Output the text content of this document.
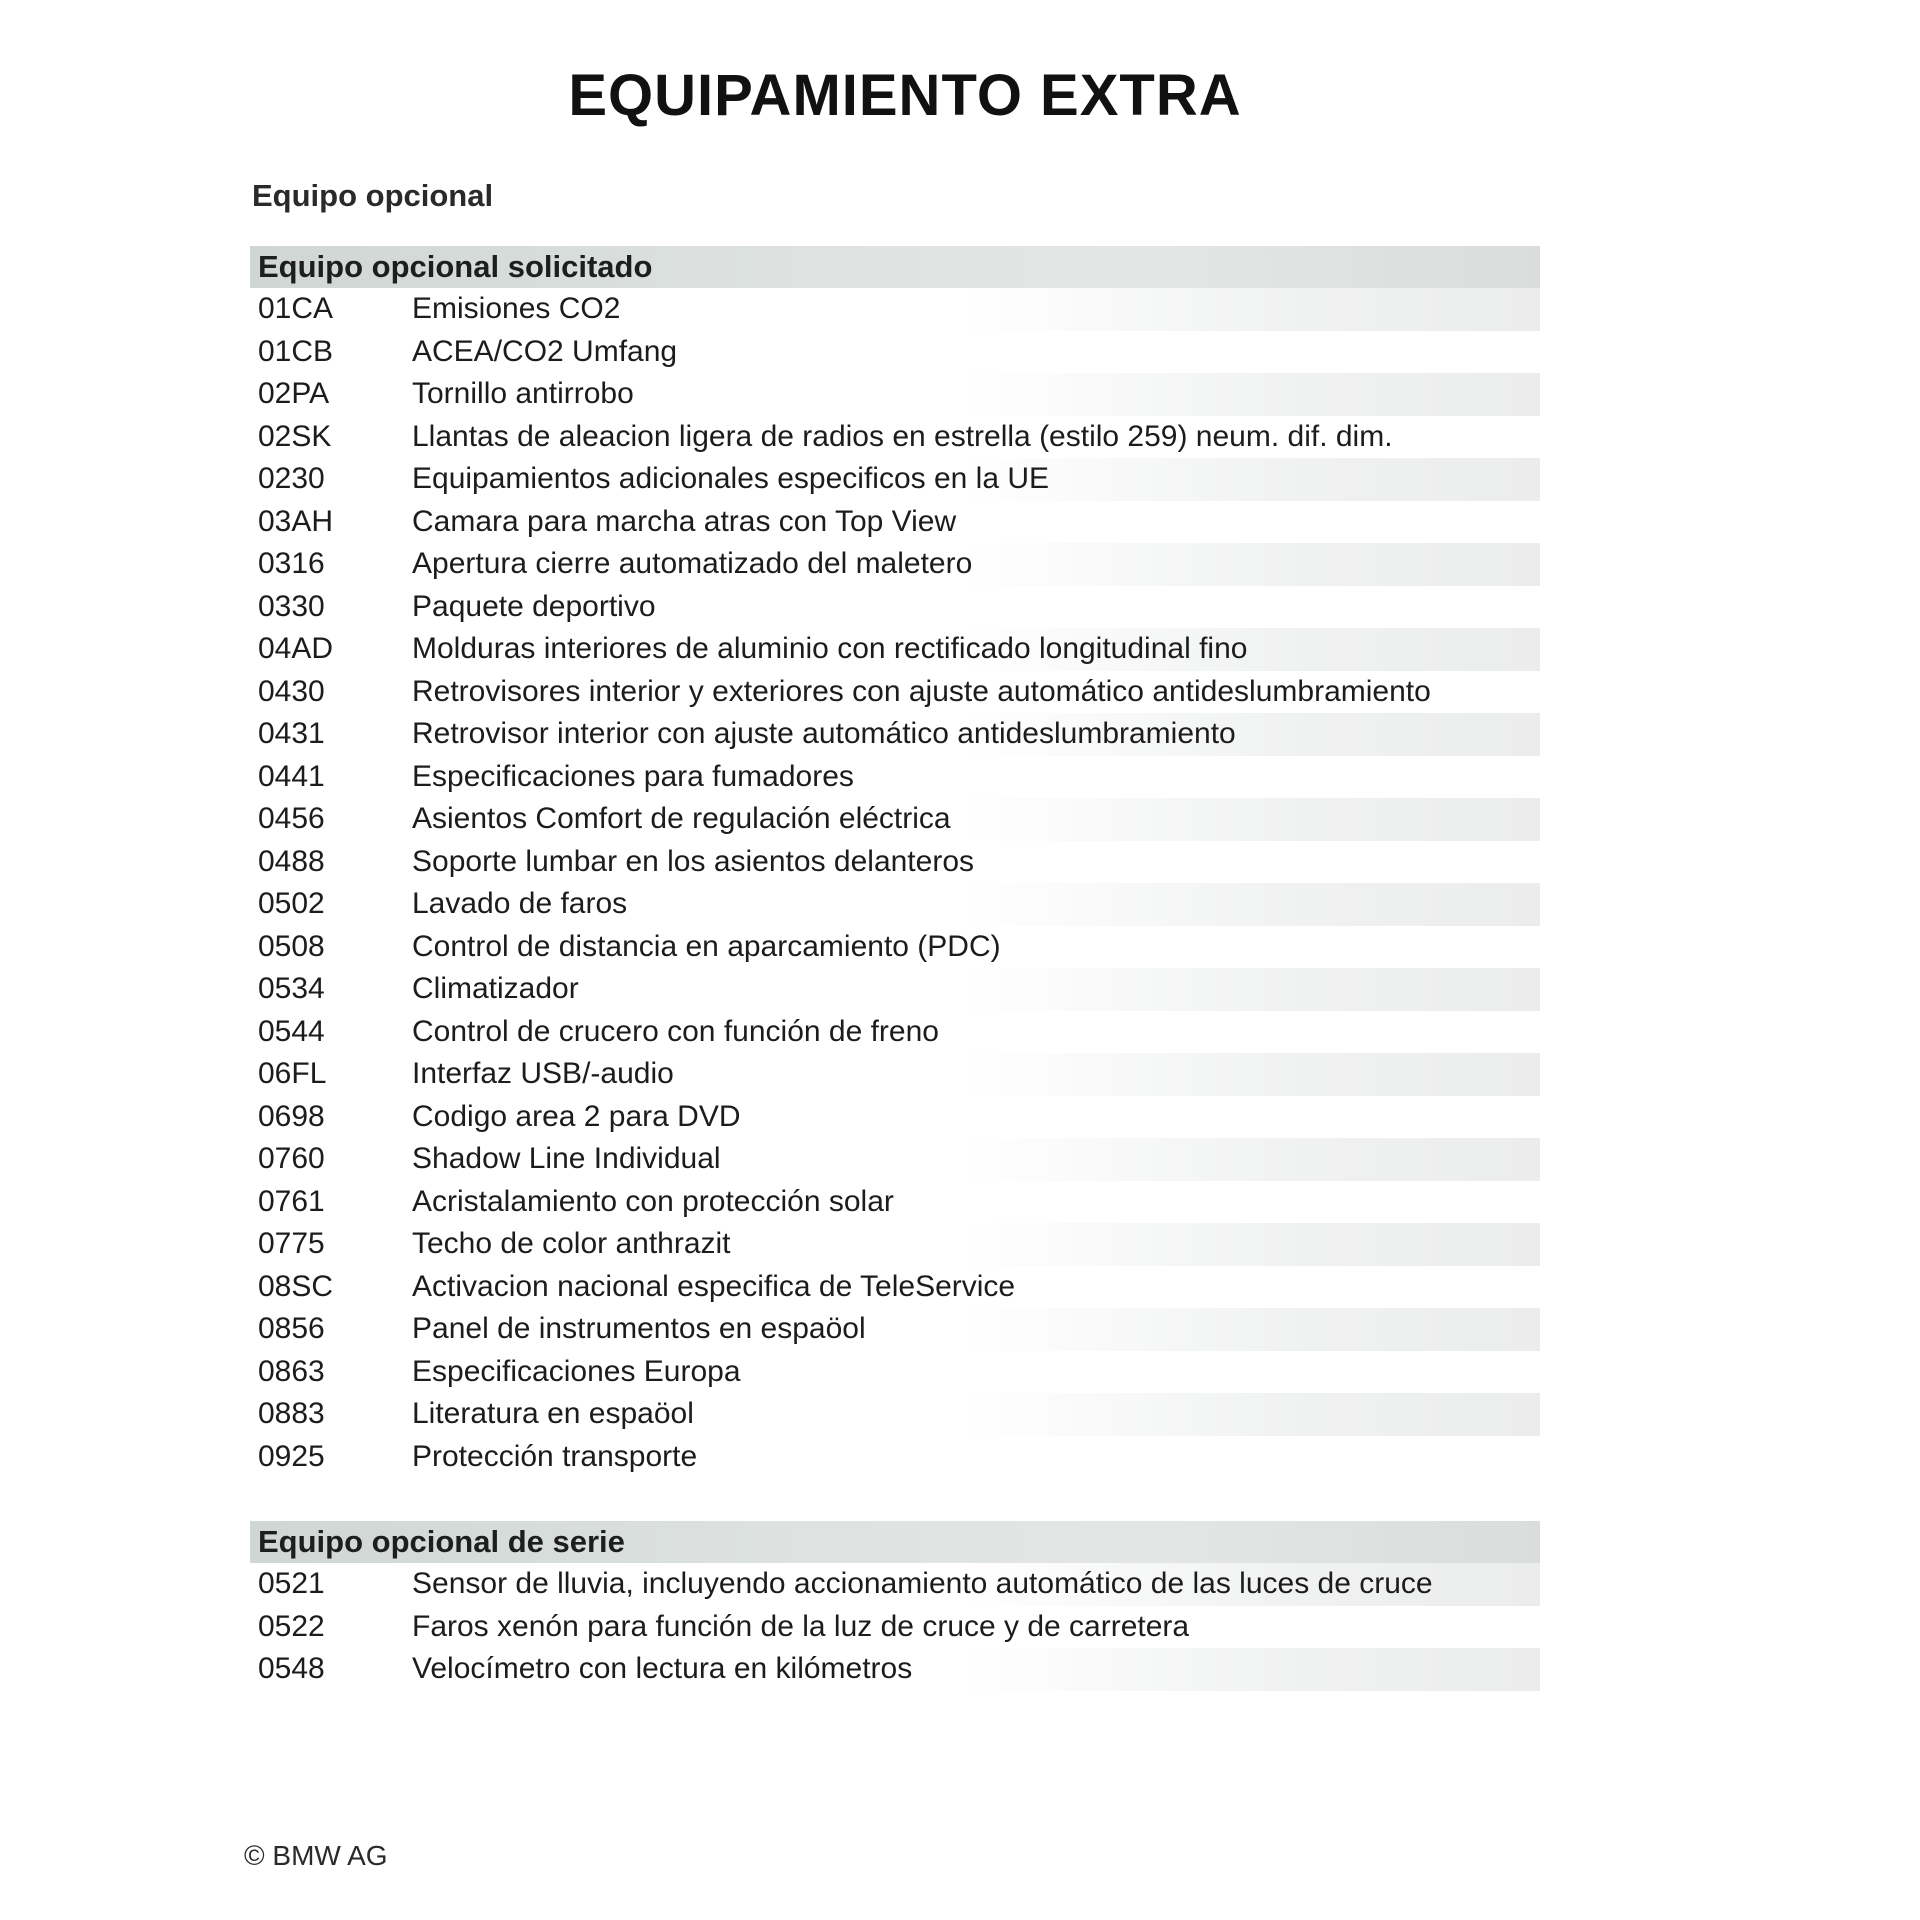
EQUIPAMIENTO EXTRA
Equipo opcional
Equipo opcional solicitado
01CA	Emisiones CO2
01CB	ACEA/CO2 Umfang
02PA	Tornillo antirrobo
02SK	Llantas de aleacion ligera de radios en estrella (estilo 259) neum. dif. dim.
0230	Equipamientos adicionales especificos en la UE
03AH	Camara para marcha atras con Top View
0316	Apertura cierre automatizado del maletero
0330	Paquete deportivo
04AD	Molduras interiores de aluminio con rectificado longitudinal fino
0430	Retrovisores interior y exteriores con ajuste automático antideslumbramiento
0431	Retrovisor interior con ajuste automático antideslumbramiento
0441	Especificaciones para fumadores
0456	Asientos Comfort de regulación eléctrica
0488	Soporte lumbar en los asientos delanteros
0502	Lavado de faros
0508	Control de distancia en aparcamiento (PDC)
0534	Climatizador
0544	Control de crucero con función de freno
06FL	Interfaz USB/-audio
0698	Codigo area 2 para DVD
0760	Shadow Line Individual
0761	Acristalamiento con protección solar
0775	Techo de color anthrazit
08SC	Activacion nacional especifica de TeleService
0856	Panel de instrumentos en espaöol
0863	Especificaciones Europa
0883	Literatura en espaöol
0925	Protección transporte
Equipo opcional de serie
0521	Sensor de lluvia, incluyendo accionamiento automático de las luces de cruce
0522	Faros xenón para función de la luz de cruce y de carretera
0548	Velocímetro con lectura en kilómetros
© BMW AG
